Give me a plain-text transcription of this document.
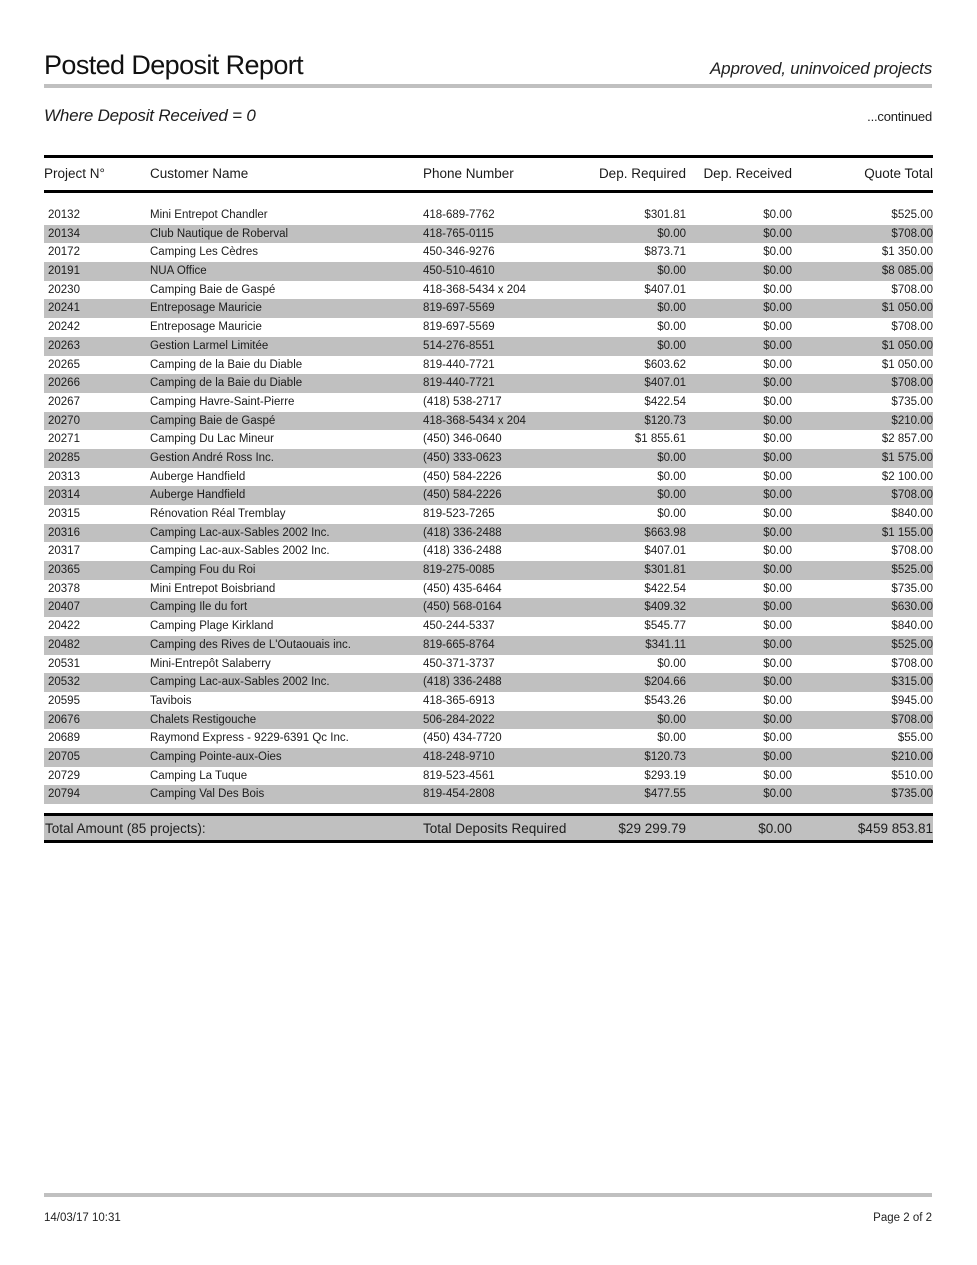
Posted Deposit Report	Approved, uninvoiced projects
Where Deposit Received = 0	...continued
Project N°	Customer Name	Phone Number	Dep. Required	Dep. Received	Quote Total
20132	Mini Entrepot Chandler	418-689-7762	$301.81	$0.00	$525.00
20134	Club Nautique de Roberval	418-765-0115	$0.00	$0.00	$708.00
20172	Camping Les Cèdres	450-346-9276	$873.71	$0.00	$1 350.00
20191	NUA Office	450-510-4610	$0.00	$0.00	$8 085.00
20230	Camping Baie de Gaspé	418-368-5434 x 204	$407.01	$0.00	$708.00
20241	Entreposage Mauricie	819-697-5569	$0.00	$0.00	$1 050.00
20242	Entreposage Mauricie	819-697-5569	$0.00	$0.00	$708.00
20263	Gestion Larmel Limitée	514-276-8551	$0.00	$0.00	$1 050.00
20265	Camping de la Baie du Diable	819-440-7721	$603.62	$0.00	$1 050.00
20266	Camping de la Baie du Diable	819-440-7721	$407.01	$0.00	$708.00
20267	Camping Havre-Saint-Pierre	(418) 538-2717	$422.54	$0.00	$735.00
20270	Camping Baie de Gaspé	418-368-5434 x 204	$120.73	$0.00	$210.00
20271	Camping Du Lac Mineur	(450) 346-0640	$1 855.61	$0.00	$2 857.00
20285	Gestion André Ross Inc.	(450) 333-0623	$0.00	$0.00	$1 575.00
20313	Auberge Handfield	(450) 584-2226	$0.00	$0.00	$2 100.00
20314	Auberge Handfield	(450) 584-2226	$0.00	$0.00	$708.00
20315	Rénovation Réal Tremblay	819-523-7265	$0.00	$0.00	$840.00
20316	Camping Lac-aux-Sables 2002 Inc.	(418) 336-2488	$663.98	$0.00	$1 155.00
20317	Camping Lac-aux-Sables 2002 Inc.	(418) 336-2488	$407.01	$0.00	$708.00
20365	Camping Fou du Roi	819-275-0085	$301.81	$0.00	$525.00
20378	Mini Entrepot Boisbriand	(450) 435-6464	$422.54	$0.00	$735.00
20407	Camping Ile du fort	(450) 568-0164	$409.32	$0.00	$630.00
20422	Camping Plage Kirkland	450-244-5337	$545.77	$0.00	$840.00
20482	Camping des Rives de L'Outaouais inc.	819-665-8764	$341.11	$0.00	$525.00
20531	Mini-Entrepôt Salaberry	450-371-3737	$0.00	$0.00	$708.00
20532	Camping Lac-aux-Sables 2002 Inc.	(418) 336-2488	$204.66	$0.00	$315.00
20595	Tavibois	418-365-6913	$543.26	$0.00	$945.00
20676	Chalets Restigouche	506-284-2022	$0.00	$0.00	$708.00
20689	Raymond Express - 9229-6391 Qc Inc.	(450) 434-7720	$0.00	$0.00	$55.00
20705	Camping Pointe-aux-Oies	418-248-9710	$120.73	$0.00	$210.00
20729	Camping La Tuque	819-523-4561	$293.19	$0.00	$510.00
20794	Camping Val Des Bois	819-454-2808	$477.55	$0.00	$735.00
Total Amount (85 projects):	Total Deposits Required	$29 299.79	$0.00	$459 853.81
14/03/17 10:31	Page 2 of 2
